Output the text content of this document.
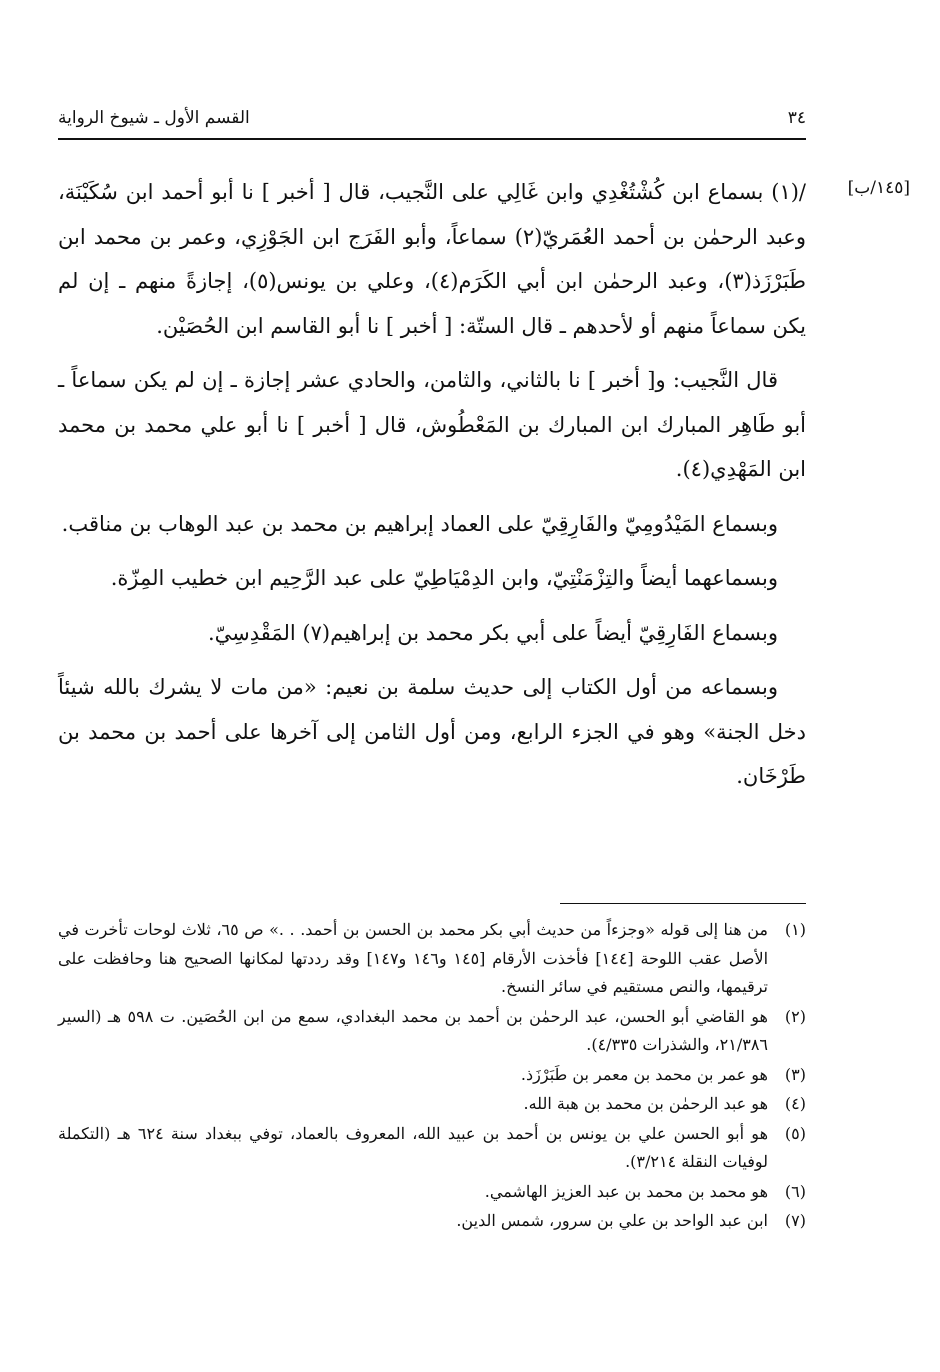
٣٤
القسم الأول ـ شيوخ الرواية
[١٤٥/ب]

/(١) بسماع ابن كُشْتُغْدِي وابن غَالِي على النَّجيب، قال [ أخبر ] نا أبو أحمد ابن سُكَيْنَة، وعبد الرحمٰن بن أحمد العُمَريّ(٢) سماعاً، وأبو الفَرَج ابن الجَوْزِي، وعمر بن محمد ابن طَبَرْزَذ(٣)، وعبد الرحمٰن ابن أبي الكَرَم(٤)، وعلي بن يونس(٥)، إجازةً منهم ـ إن لم يكن سماعاً منهم أو لأحدهم ـ قال الستّة: [ أخبر ] نا أبو القاسم ابن الحُصَيْن.

قال النَّجيب: و[ أخبر ] نا بالثاني، والثامن، والحادي عشر إجازة ـ إن لم يكن سماعاً ـ أبو طَاهِر المبارك ابن المبارك بن المَعْطُوش، قال [ أخبر ] نا أبو علي محمد بن محمد ابن المَهْدِي(٤).

وبسماع المَيْدُومِيّ والفَارِقِيّ على العماد إبراهيم بن محمد بن عبد الوهاب بن مناقب.

وبسماعهما أيضاً والتِزْمَنْتِيّ، وابن الدِمْيَاطِيّ على عبد الرَّحِيم ابن خطيب المِزّة.

وبسماع الفَارِقِيّ أيضاً على أبي بكر محمد بن إبراهيم(٧) المَقْدِسِيّ.

وبسماعه من أول الكتاب إلى حديث سلمة بن نعيم: «من مات لا يشرك بالله شيئاً دخل الجنة» وهو في الجزء الرابع، ومن أول الثامن إلى آخرها على أحمد بن محمد بن طَرْخَان.

(١)
من هنا إلى قوله «وجزءاً من حديث أبي بكر محمد بن الحسن بن أحمد. . .» ص ٦٥، ثلاث لوحات تأخرت في الأصل عقب اللوحة [١٤٤] فأخذت الأرقام [١٤٥ و١٤٦ و١٤٧] وقد رددتها لمكانها الصحيح هنا وحافظت على ترقيمها، والنص مستقيم في سائر النسخ.
(٢)
هو القاضي أبو الحسن، عبد الرحمٰن بن أحمد بن محمد البغدادي، سمع من ابن الحُصَين. ت ٥٩٨ هـ (السير ٢١/٣٨٦، والشذرات ٤/٣٣٥).
(٣)
هو عمر بن محمد بن معمر بن طَبَرْزَذ.
(٤)
هو عبد الرحمٰن بن محمد بن هبة الله.
(٥)
هو أبو الحسن علي بن يونس بن أحمد بن عبيد الله، المعروف بالعماد، توفي ببغداد سنة ٦٢٤ هـ (التكملة لوفيات النقلة ٣/٢١٤).
(٦)
هو محمد بن محمد بن عبد العزيز الهاشمي.
(٧)
ابن عبد الواحد بن علي بن سرور، شمس الدين.
